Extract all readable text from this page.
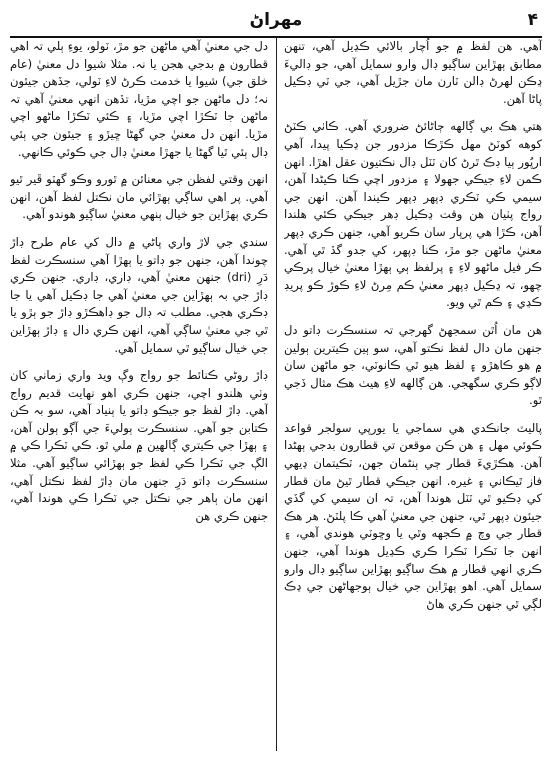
۴
مهراڻ

آهي. هن لفظ ۾ جو اُچار بالائي ڪڍيل آهي، تنهن مطابق ٻهڙاين ساڳيو ڊال وارو سمايل آهي، جو ڊاليءَ ڍڪن لهرڻ ڊالن ٽارن مان جڙيل آهي، جي ٽي ڊڪيل پاڻا آهن.

هتي هڪ بي ڳالهه ڄاڻائڻ ضروري آهي. ڪاٺي ڪٽڻ کوهه کوٽڻ مهل ڪڙڪا مزدور جن ڍڪيا پيدا، آهي ارپُور ٻيا ڊڪ ٿرڻ کان ٽٽل ڊال نڪتيون عقل اهڙا. انهن ڪمن لاءِ جيڪي جهولا ۽ مزدور اچي ڪنا ڪيڻدا آهن، سيمي ڪي ٽڪري ڊپهر ڊپهر ڪيندا آهن. انهن جي رواج پٺيان هن وقت ڍڪيل ڊهر جيڪي ڪئي هلندا آهن، ڪڙا هي پرپار سان ڪريو آهي، جنهن ڪري ڊپهر معنيٰ ماڻهن جو مڙ، ڪنا ڊپهر، کي جدو گڏ ٿي آهي. ڪر فيل ماڻهو لاءِ ۽ پرلفظ ٻي ٻهڙا معنيٰ خيال پرڪي چهو، تہ ڍڪيل ڊپهر معنيٰ ڪم مِرڻ لاءِ ڪوڙ ڪو پريڊ ڪڍي ۽ ڪم ٿي ويو.

هن مان اُٿن سمجهڻ گهرجي تہ سنسڪرت ڊاتو دل جنهن مان دال لفظ نڪتو آهي، سو ٻين ڪيترين ٻولين ۾ هو ڪاهڙو ۽ لفظ هيو ٿي ڪانوٽي، جو ماڻهن سان لاڳو ڪري سگهجي. هن ڳالهه لاءِ هيٺ هڪ مثال ڏجي ٿو.

پاليٽ جانڪدي هي سماجي يا يورپي سولجر قواعد ڪوئي مهل ۽ هن ڪن موقعن تي قطارون بدجي ٻهڻدا آهن. هڪڙيءَ قطار ڄي ٻنڻمان جهن، ٽڪيتمان ڍيهي فاز ٿيڪاني ۽ غيره. انهن جيڪي قطار ٿيڻ مان قطار کي ڊڪيو ٿي ٽٽل هوندا آهن، تہ ان سيمي کي گڏي جيئون ڊپهر ٿي، جنهن جي معنيٰ آهي ڪا پلٽڻ. هر هڪ قطار جي وچ ۾ ڪجهه وٿي يا وڇوٽي هوندي آهي، ۽ انهن جا ٽڪرا ٽڪرا ڪري ڪڍيل هوندا آهي، جنهن ڪري انهي قطار ۾ هڪ ساڳيو ٻهڙاين ساڳيو ڊال وارو سمايل آهي. اهو ٻهڙاين جي خيال ٻوجهاڻهن جي ڍڪ لڳي ٿي جنهن ڪري هاڻ

دل جي معنيٰ آهي ماڻهن جو مڙ، ٽولو، يوءِ ٻلي تہ اهي قطارون ۾ بدجي هجن يا نہ. مثلا شيوا دل معنيٰ (عام خلق جي) شيوا يا خدمت ڪرڻ لاءِ ٽولي، جڏهن جيئون نہ؛ دل ماڻهن جو اچي مڙيا، تڏهن انهي معنيٰ آهي تہ ماڻهن جا ٽڪڙا اچي مڙيا، ۽ ڪئي ٽڪڙا ماڻهو اچي مڙيا. انهن دل معنيٰ جي گهڻا ڇيڙو ۽ جيئون جي ٻئي ڊال ٻئي ٿيا گهڻا يا جهڙا معنيٰ ڊال جي ڪوئي ڪانهي.

انهن وقتي لفظن جي معنائن ۾ ٿورو وڪو گهٽو ڦير ٿيو آهي. پر اهي ساڳي ٻهڙائي مان نڪتل لفظ آهن، انهن ڪري ٻهڙاين جو خيال ٻنهي معنيٰ ساڳيو هوندو آهي.

سندي جي لاڙ واري پاڻي ۾ دال کي عام طرح ڊاڙ چوندا آهن، جنهن جو ڊاتو يا ٻهڙا آهي سنسڪرت لفظ دَرِ (dri) جنهن معنيٰ آهي، ڊاري، ڊاري. جنهن ڪري ڊاڙ جي بہ ٻهڙاين جي معنيٰ آهي جا ڊڪيل آهي يا جا ڊڪري هجي. مطلب تہ ڊال جو ڊاهڪڙو ڊاڙ جو ٻڙو يا ٿي جي معنيٰ ساڳي آهي، انهن ڪري دال ۽ ڊاڙ ٻهڙاين جي خيال ساڳيو ٿي سمايل آهي.

ڊاڙ روڻي ڪنائط جو رواج وڳ ويد واري زماني کان وٺي هلندو اچي، جنهن ڪري اهو نهايت قديم رواج آهي. ڊاڙ لفظ جو جيڪو ڊاتو يا ٻنياد آهي، سو بہ ڪن ڪتابن جو آهي. سنسڪرت ٻوليءَ جي آڳو ٻولن آهن، ۽ ٻهڙا جي ڪيتري ڳالهين ۾ ملي ٿو. ڪي ٽڪرا ڪي ۾ الڳ جي ٽڪرا ڪي لفظ جو ٻهڙائي ساڳيو آهي. مثلا سنسڪرت ڊاتو دَرِ جنهن مان ڊاڙ لفظ نڪتل آهي، انهن مان ٻاهر جي نڪتل جي ٽڪرا ڪي هوندا آهي، جنهن ڪري هن
